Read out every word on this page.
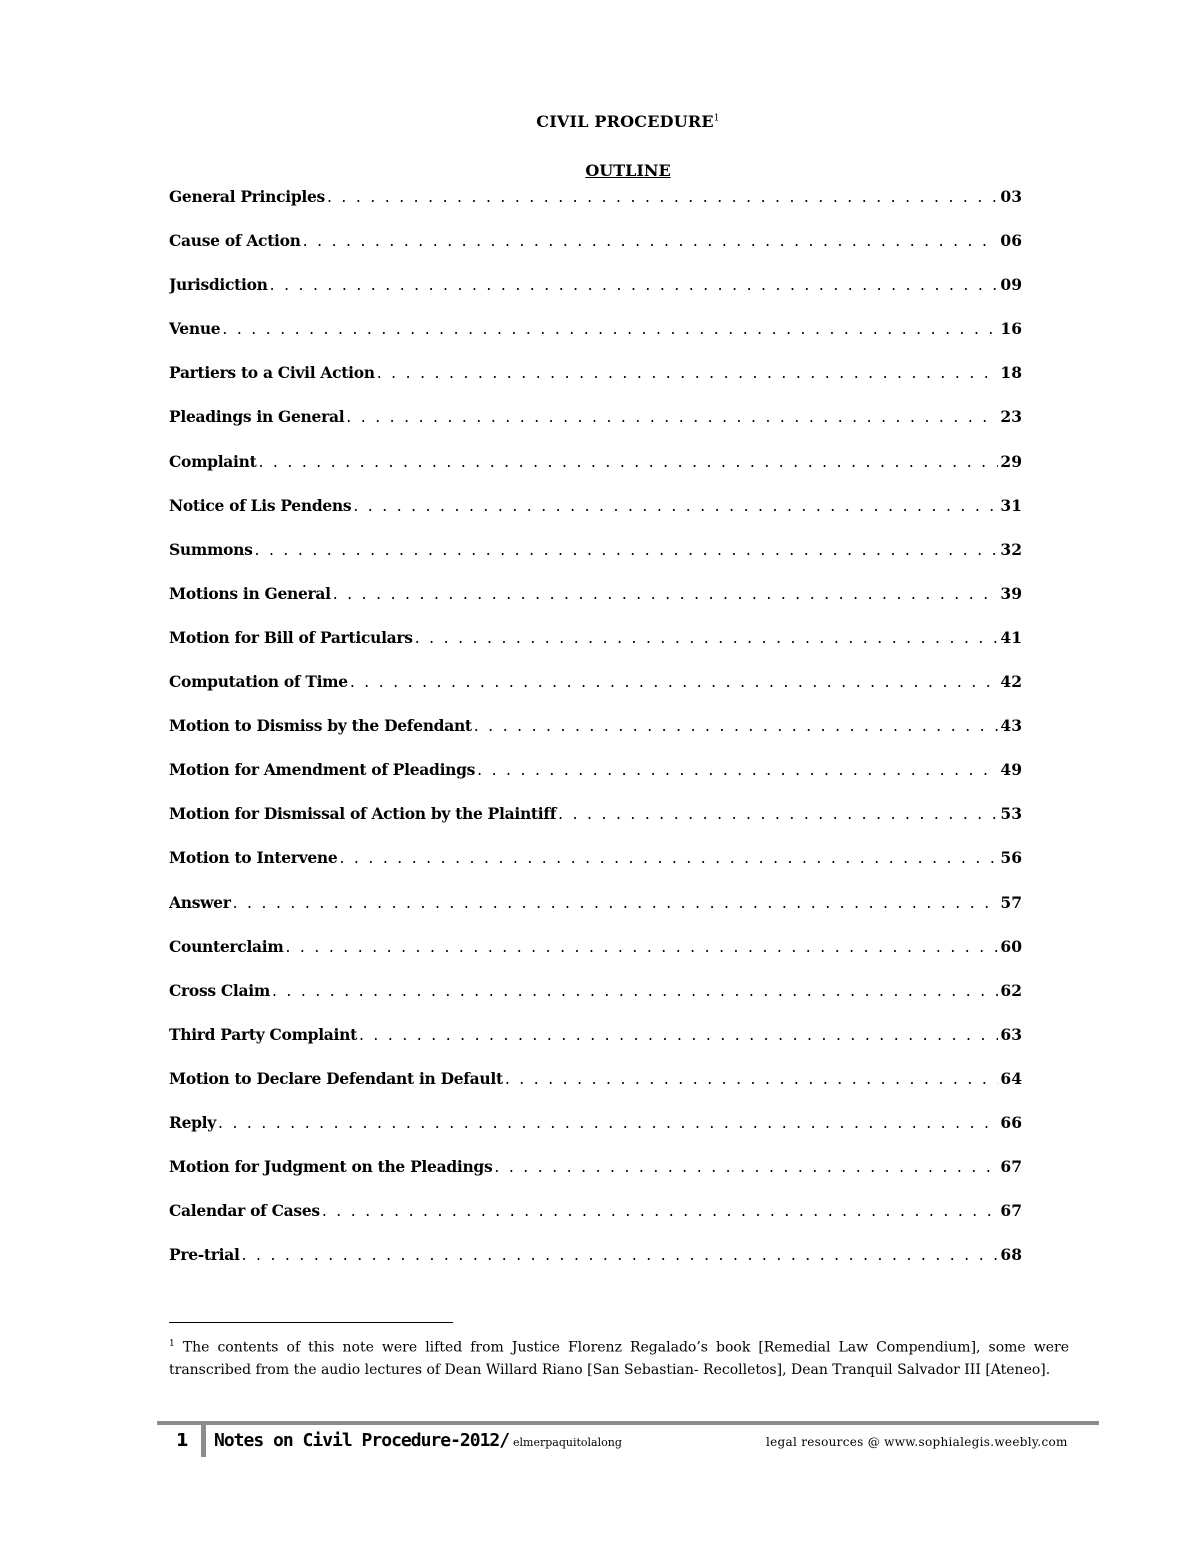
CIVIL PROCEDURE$^1$
OUTLINE
General Principles . . .	03
Cause of Action . . .	06
Jurisdiction . . .	09
Venue . . .	16
Partiers to a Civil Action . . .	18
Pleadings in General . . .	23
Complaint . . .	29
Notice of Lis Pendens . . .	31
Summons . . .	32
Motions in General . . .	39
Motion for Bill of Particulars . . .	41
Computation of Time . . .	42
Motion to Dismiss by the Defendant . . .	43
Motion for Amendment of Pleadings . . .	49
Motion for Dismissal of Action by the Plaintiff . . .	53
Motion to Intervene . . .	56
Answer . . .	57
Counterclaim . . .	60
Cross Claim . . .	62
Third Party Complaint . . .	63
Motion to Declare Defendant in Default . . .	64
Reply . . .	66
Motion for Judgment on the Pleadings . . .	67
Calendar of Cases . . .	67
Pre-trial . . .	68
$^1$ The contents of this note were lifted from Justice Florenz Regalado’s book [Remedial Law Compendium], some were transcribed from the audio lectures of Dean Willard Riano [San Sebastian- Recolletos], Dean Tranquil Salvador III [Ateneo].
1 Notes on Civil Procedure-2012/ elmerpaquitolalong	legal resources @ www.sophialegis.weebly.com
